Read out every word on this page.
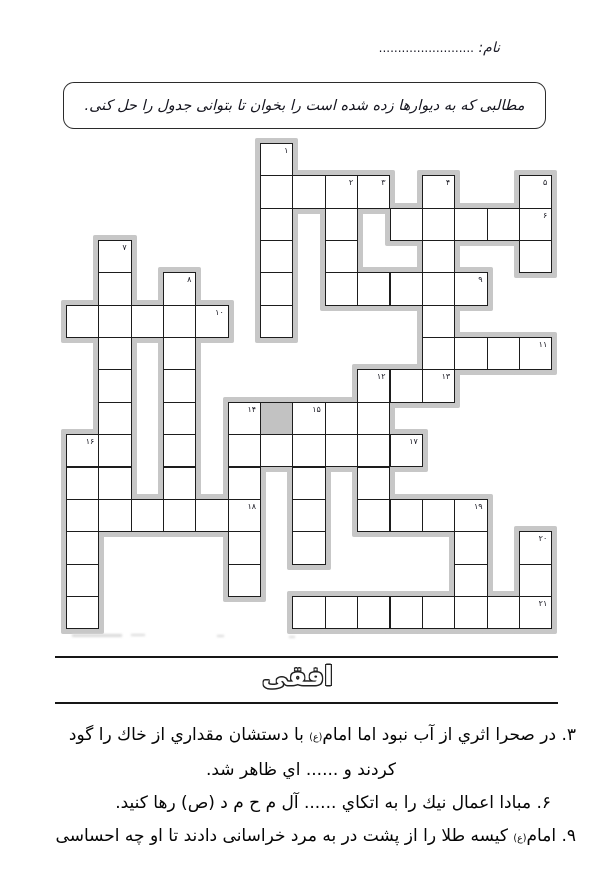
نام: .........................
مطالبی که به دیوارها زده شده است را بخوان تا بتوانی جدول را حل کنی.
۱
۲	۳	۴	۵
۶
۷
۸	۹
۱۰
۱۱
۱۲	۱۳
۱۴	۱۵
۱۶	۱۷
۱۸	۱۹
۲۰
۲۱
افقی
۳. در صحرا اثري از آب نبود اما امام(ع) با دستشان مقداري از خاك را گود
كردند و ...... اي ظاهر شد.
۶. مبادا اعمال نيك را به اتكاي ...... آل م ح م د (ص) رها كنيد.
۹. امام(ع) كيسه طلا را از پشت در به مرد خراسانی دادند تا او چه احساسی
